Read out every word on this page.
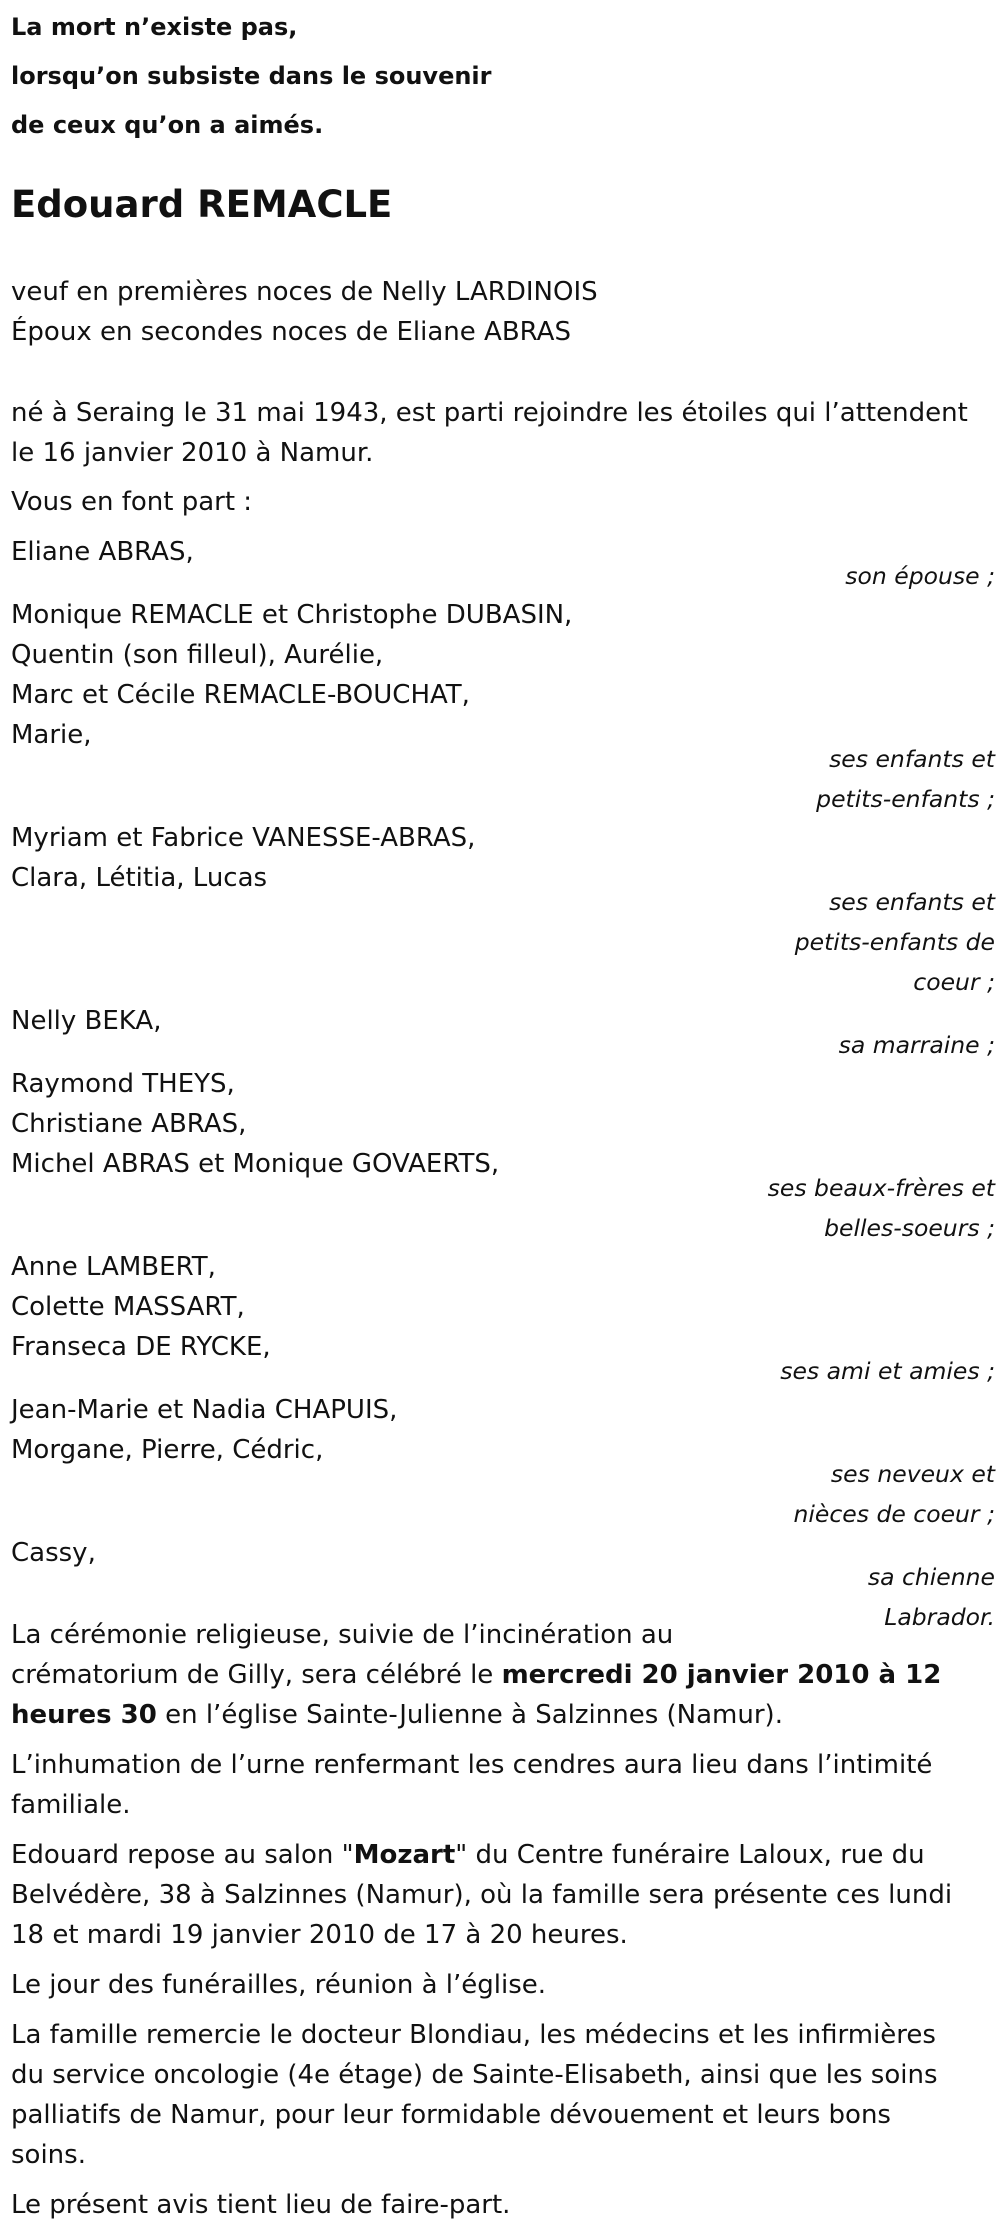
La mort n’existe pas,
lorsqu’on subsiste dans le souvenir
de ceux qu’on a aimés.
Edouard REMACLE
veuf en premières noces de Nelly LARDINOIS
Époux en secondes noces de Eliane ABRAS
né à Seraing le 31 mai 1943, est parti rejoindre les étoiles qui l’attendent
le 16 janvier 2010 à Namur.
Vous en font part :
Eliane ABRAS,
son épouse ;
Monique REMACLE et Christophe DUBASIN,
Quentin (son filleul), Aurélie,
Marc et Cécile REMACLE-BOUCHAT,
Marie,
ses enfants et
petits-enfants ;
Myriam et Fabrice VANESSE-ABRAS,
Clara, Létitia, Lucas
ses enfants et
petits-enfants de
coeur ;
Nelly BEKA,
sa marraine ;
Raymond THEYS,
Christiane ABRAS,
Michel ABRAS et Monique GOVAERTS,
ses beaux-frères et
belles-soeurs ;
Anne LAMBERT,
Colette MASSART,
Franseca DE RYCKE,
ses ami et amies ;
Jean-Marie et Nadia CHAPUIS,
Morgane, Pierre, Cédric,
ses neveux et
nièces de coeur ;
Cassy,
sa chienne
Labrador.
La cérémonie religieuse, suivie de l’incinération au
crématorium de Gilly, sera célébré le mercredi 20 janvier 2010 à 12
heures 30 en l’église Sainte-Julienne à Salzinnes (Namur).
L’inhumation de l’urne renfermant les cendres aura lieu dans l’intimité
familiale.
Edouard repose au salon "Mozart" du Centre funéraire Laloux, rue du
Belvédère, 38 à Salzinnes (Namur), où la famille sera présente ces lundi
18 et mardi 19 janvier 2010 de 17 à 20 heures.
Le jour des funérailles, réunion à l’église.
La famille remercie le docteur Blondiau, les médecins et les infirmières
du service oncologie (4e étage) de Sainte-Elisabeth, ainsi que les soins
palliatifs de Namur, pour leur formidable dévouement et leurs bons
soins.
Le présent avis tient lieu de faire-part.
